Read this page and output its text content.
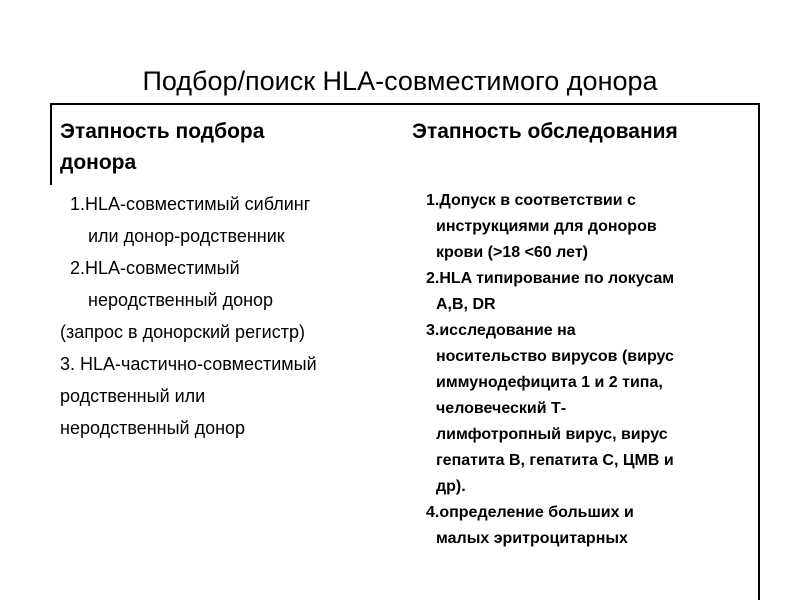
Подбор/поиск HLA-совместимого донора
Этапность подбора
донора
Этапность обследования
1.HLA-совместимый сиблинг
или донор-родственник
2.HLA-совместимый
неродственный донор
(запрос в донорский регистр)
3. HLA-частично-совместимый
родственный или
неродственный донор
1.Допуск в соответствии с
инструкциями для доноров
крови (>18 <60 лет)
2.HLA типирование по локусам
A,B, DR
3.исследование на
носительство вирусов (вирус
иммунодефицита 1 и 2 типа,
человеческий Т-
лимфотропный вирус, вирус
гепатита В, гепатита С, ЦМВ и
др).
4.определение больших и
малых эритроцитарных
